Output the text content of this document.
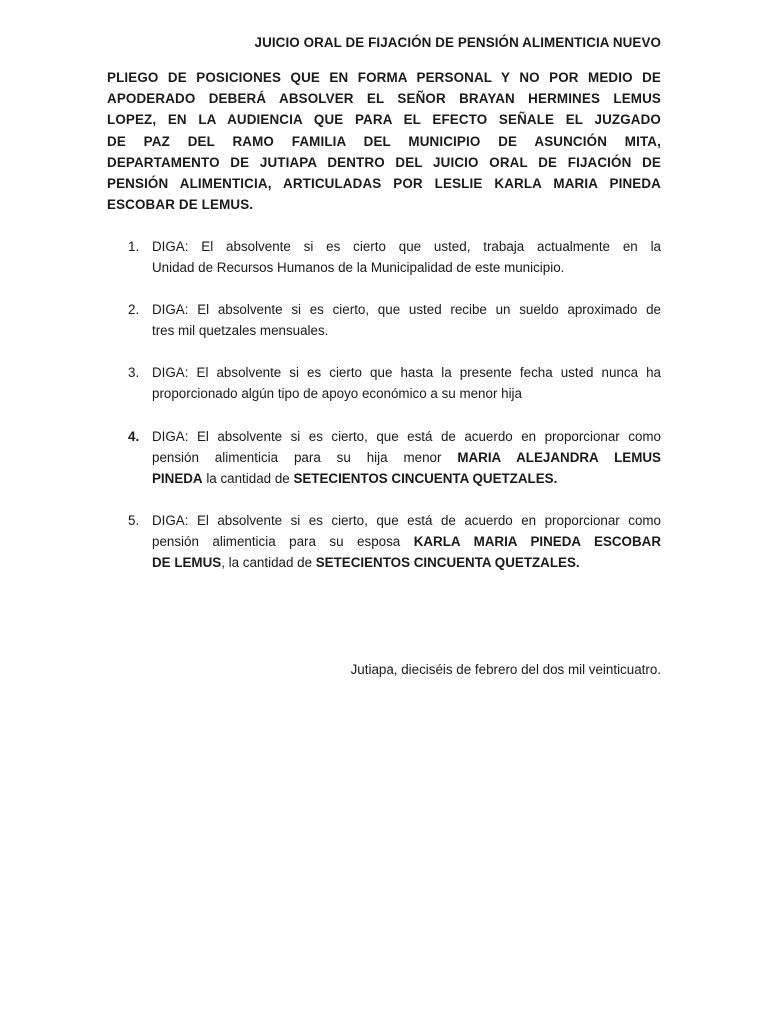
JUICIO ORAL DE FIJACIÓN DE PENSIÓN ALIMENTICIA NUEVO
PLIEGO DE POSICIONES QUE EN FORMA PERSONAL Y NO POR MEDIO DE
APODERADO DEBERÁ ABSOLVER EL SEÑOR BRAYAN HERMINES LEMUS
LOPEZ, EN LA AUDIENCIA QUE PARA EL EFECTO SEÑALE EL JUZGADO
DE PAZ DEL RAMO FAMILIA DEL MUNICIPIO DE ASUNCIÓN MITA,
DEPARTAMENTO DE JUTIAPA DENTRO DEL JUICIO ORAL DE FIJACIÓN DE
PENSIÓN ALIMENTICIA, ARTICULADAS POR LESLIE KARLA MARIA PINEDA
ESCOBAR DE LEMUS.
1. DIGA: El absolvente si es cierto que usted, trabaja actualmente en la
Unidad de Recursos Humanos de la Municipalidad de este municipio.
2. DIGA: El absolvente si es cierto, que usted recibe un sueldo aproximado de
tres mil quetzales mensuales.
3. DIGA: El absolvente si es cierto que hasta la presente fecha usted nunca ha
proporcionado algún tipo de apoyo económico a su menor hija
4. DIGA: El absolvente si es cierto, que está de acuerdo en proporcionar como
pensión alimenticia para su hija menor MARIA ALEJANDRA LEMUS
PINEDA la cantidad de SETECIENTOS CINCUENTA QUETZALES.
5. DIGA: El absolvente si es cierto, que está de acuerdo en proporcionar como
pensión alimenticia para su esposa KARLA MARIA PINEDA ESCOBAR
DE LEMUS, la cantidad de SETECIENTOS CINCUENTA QUETZALES.
Jutiapa, dieciséis de febrero del dos mil veinticuatro.
